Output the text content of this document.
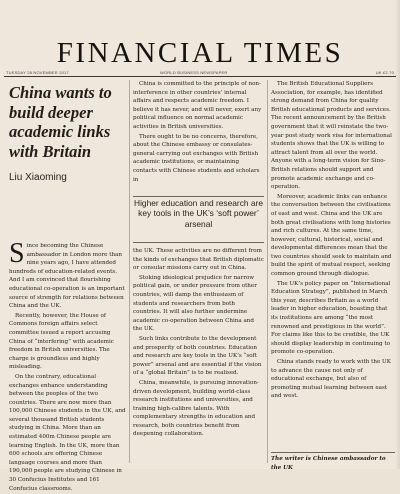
FINANCIAL TIMES
TUESDAY 28 NOVEMBER 2017	WORLD BUSINESS NEWSPAPER	UK £2.70
China wants to build deeper academic links with Britain
Liu Xiaoming

Since becoming the Chinese ambassador in London more than nine years ago, I have attended hundreds of education-related events. And I am convinced that flourishing educational co-operation is an important source of strength for relations between China and the UK.

Recently, however, the House of Commons foreign affairs select committee issued a report accusing China of “interfering” with academic freedom in British universities. The charge is groundless and highly misleading.

On the contrary, educational exchanges enhance understanding between the peoples of the two countries. There are now more than 100,000 Chinese students in the UK, and several thousand British students studying in China. More than an estimated 400m Chinese people are learning English. In the UK, more than 600 schools are offering Chinese language courses and more than 190,000 people are studying Chinese in 30 Confucius Institutes and 161 Confucius classrooms.

China is committed to the principle of non-interference in other countries’ internal affairs and respects academic freedom. I believe it has never, and will never, exert any political influence on normal academic activities in British universities.

There ought to be no concerns, therefore, about the Chinese embassy or consulates-general carrying out exchanges with British academic institutions, or maintaining contacts with Chinese students and scholars in

Higher education and research are key tools in the UK’s ‘soft power’ arsenal

the UK. These activities are no different from the kinds of exchanges that British diplomatic or consular missions carry out in China.

Stoking ideological prejudice for narrow political gain, or under pressure from other countries, will damp the enthusiasm of students and researchers from both countries. It will also further undermine academic co-operation between China and the UK.

Such links contribute to the development and prosperity of both countries. Education and research are key tools in the UK’s “soft power” arsenal and are essential if the vision of a “global Britain” is to be realised.

China, meanwhile, is pursuing innovation-driven development, building world-class research institutions and universities, and training high-calibre talents. With complementary strengths in education and research, both countries benefit from deepening collaboration.

The British Educational Suppliers Association, for example, has identified strong demand from China for quality British educational products and services. The recent announcement by the British government that it will reinstate the two-year post study work visa for international students shows that the UK is willing to attract talent from all over the world. Anyone with a long-term vision for Sino-British relations should support and promote academic exchange and co-operation.

Moreover, academic links can enhance the conversation between the civilisations of east and west. China and the UK are both great civilisations with long histories and rich cultures. At the same time, however, cultural, historical, social and developmental differences mean that the two countries should seek to maintain and build the spirit of mutual respect, seeking common ground through dialogue.

The UK’s policy paper on “International Education Strategy”, published in March this year, describes Britain as a world leader in higher education, boasting that its institutions are among “the most renowned and prestigious in the world”. For claims like this to be credible, the UK should display leadership in continuing to promote co-operation.

China stands ready to work with the UK to advance the cause not only of educational exchange, but also of promoting mutual learning between east and west.

The writer is Chinese ambassador to the UK
